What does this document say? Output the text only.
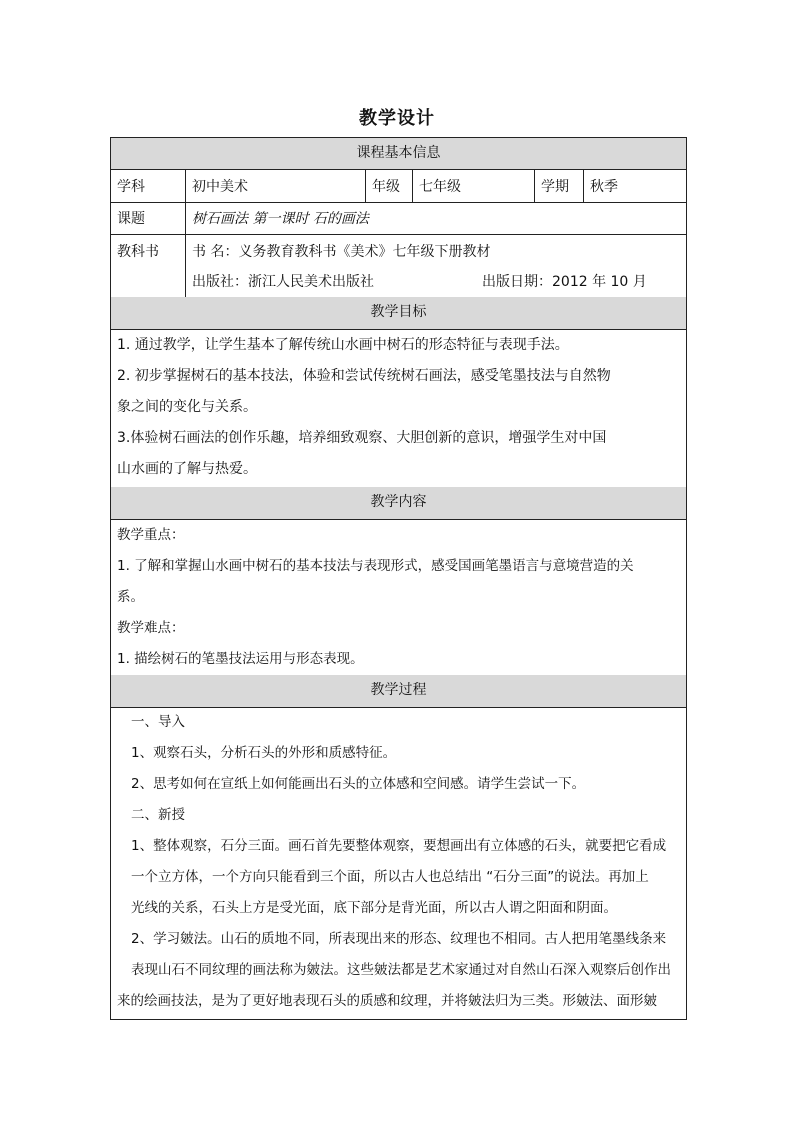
教学设计
课程基本信息
学科	初中美术	年级	七年级	学期	秋季
课题	树石画法 第一课时 石的画法
教科书 书 名：义务教育教科书《美术》七年级下册教材
出版社：浙江人民美术出版社	出版日期：2012 年 10 月
教学目标
1. 通过教学，让学生基本了解传统山水画中树石的形态特征与表现手法。
2. 初步掌握树石的基本技法，体验和尝试传统树石画法，感受笔墨技法与自然物
象之间的变化与关系。
3.体验树石画法的创作乐趣，培养细致观察、大胆创新的意识，增强学生对中国
山水画的了解与热爱。
教学内容
教学重点：
1. 了解和掌握山水画中树石的基本技法与表现形式，感受国画笔墨语言与意境营造的关
系。
教学难点：
1. 描绘树石的笔墨技法运用与形态表现。
教学过程
一、导入
1、观察石头，分析石头的外形和质感特征。
2、思考如何在宣纸上如何能画出石头的立体感和空间感。请学生尝试一下。
二、新授
1、整体观察，石分三面。画石首先要整体观察，要想画出有立体感的石头，就要把它看成
一个立方体，一个方向只能看到三个面，所以古人也总结出 “石分三面”的说法。再加上
光线的关系，石头上方是受光面，底下部分是背光面，所以古人谓之阳面和阴面。
2、学习皴法。山石的质地不同，所表现出来的形态、纹理也不相同。古人把用笔墨线条来
表现山石不同纹理的画法称为皴法。这些皴法都是艺术家通过对自然山石深入观察后创作出
来的绘画技法，是为了更好地表现石头的质感和纹理，并将皴法归为三类。形皴法、面形皴
